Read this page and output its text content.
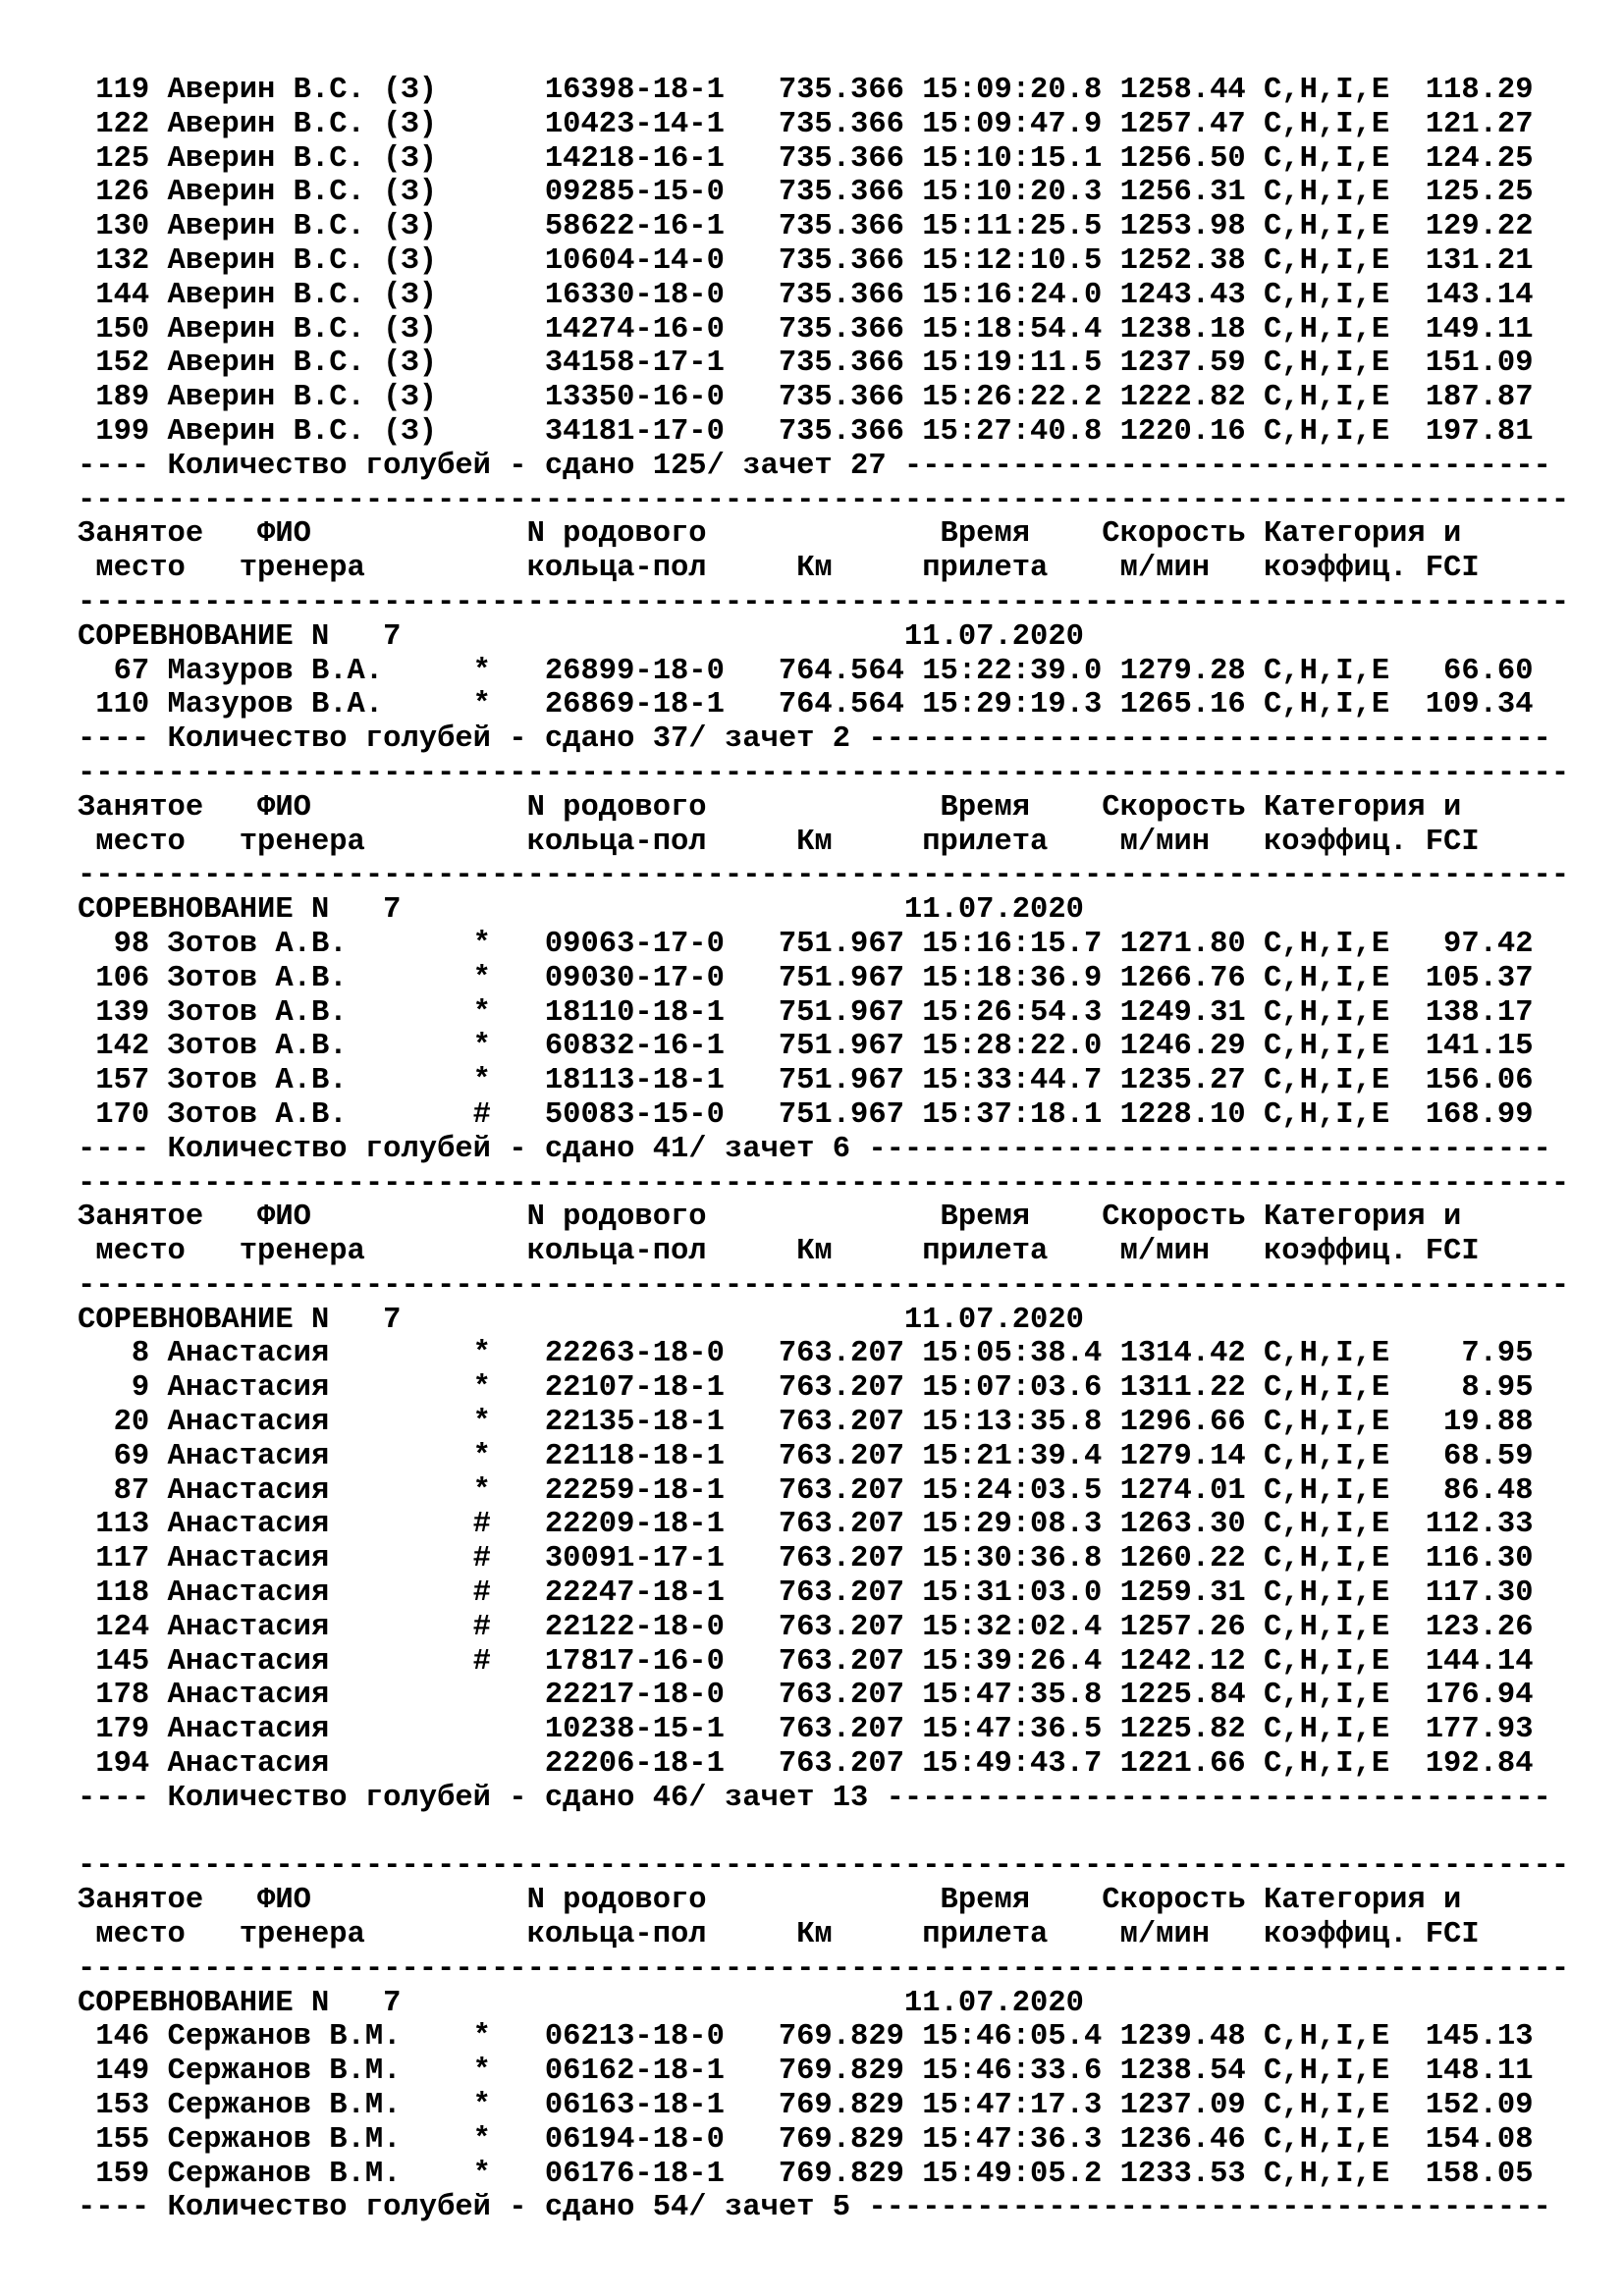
119 Аверин В.С. (З)      16398-18-1   735.366 15:09:20.8 1258.44 C,H,I,E  118.29
122 Аверин В.С. (З)      10423-14-1   735.366 15:09:47.9 1257.47 C,H,I,E  121.27
125 Аверин В.С. (З)      14218-16-1   735.366 15:10:15.1 1256.50 C,H,I,E  124.25
126 Аверин В.С. (З)      09285-15-0   735.366 15:10:20.3 1256.31 C,H,I,E  125.25
130 Аверин В.С. (З)      58622-16-1   735.366 15:11:25.5 1253.98 C,H,I,E  129.22
132 Аверин В.С. (З)      10604-14-0   735.366 15:12:10.5 1252.38 C,H,I,E  131.21
144 Аверин В.С. (З)      16330-18-0   735.366 15:16:24.0 1243.43 C,H,I,E  143.14
150 Аверин В.С. (З)      14274-16-0   735.366 15:18:54.4 1238.18 C,H,I,E  149.11
152 Аверин В.С. (З)      34158-17-1   735.366 15:19:11.5 1237.59 C,H,I,E  151.09
189 Аверин В.С. (З)      13350-16-0   735.366 15:26:22.2 1222.82 C,H,I,E  187.87
199 Аверин В.С. (З)      34181-17-0   735.366 15:27:40.8 1220.16 C,H,I,E  197.81
---- Количество голубей - сдано 125/ зачет 27 ------------------------------------
-----------------------------------------------------------------------------------
Занятое   ФИО            N родового             Время    Скорость Категория и
место   тренера         кольца-пол     Км     прилета    м/мин   коэффиц. FCI
-----------------------------------------------------------------------------------
СОРЕВНОВАНИЕ N   7                            11.07.2020
67 Мазуров В.А.     *   26899-18-0   764.564 15:22:39.0 1279.28 C,H,I,E   66.60
110 Мазуров В.А.     *   26869-18-1   764.564 15:29:19.3 1265.16 C,H,I,E  109.34
---- Количество голубей - сдано 37/ зачет 2 --------------------------------------
-----------------------------------------------------------------------------------
Занятое   ФИО            N родового             Время    Скорость Категория и
место   тренера         кольца-пол     Км     прилета    м/мин   коэффиц. FCI
-----------------------------------------------------------------------------------
СОРЕВНОВАНИЕ N   7                            11.07.2020
98 Зотов А.В.       *   09063-17-0   751.967 15:16:15.7 1271.80 C,H,I,E   97.42
106 Зотов А.В.       *   09030-17-0   751.967 15:18:36.9 1266.76 C,H,I,E  105.37
139 Зотов А.В.       *   18110-18-1   751.967 15:26:54.3 1249.31 C,H,I,E  138.17
142 Зотов А.В.       *   60832-16-1   751.967 15:28:22.0 1246.29 C,H,I,E  141.15
157 Зотов А.В.       *   18113-18-1   751.967 15:33:44.7 1235.27 C,H,I,E  156.06
170 Зотов А.В.       #   50083-15-0   751.967 15:37:18.1 1228.10 C,H,I,E  168.99
---- Количество голубей - сдано 41/ зачет 6 --------------------------------------
-----------------------------------------------------------------------------------
Занятое   ФИО            N родового             Время    Скорость Категория и
место   тренера         кольца-пол     Км     прилета    м/мин   коэффиц. FCI
-----------------------------------------------------------------------------------
СОРЕВНОВАНИЕ N   7                            11.07.2020
8 Анастасия        *   22263-18-0   763.207 15:05:38.4 1314.42 C,H,I,E    7.95
9 Анастасия        *   22107-18-1   763.207 15:07:03.6 1311.22 C,H,I,E    8.95
20 Анастасия        *   22135-18-1   763.207 15:13:35.8 1296.66 C,H,I,E   19.88
69 Анастасия        *   22118-18-1   763.207 15:21:39.4 1279.14 C,H,I,E   68.59
87 Анастасия        *   22259-18-1   763.207 15:24:03.5 1274.01 C,H,I,E   86.48
113 Анастасия        #   22209-18-1   763.207 15:29:08.3 1263.30 C,H,I,E  112.33
117 Анастасия        #   30091-17-1   763.207 15:30:36.8 1260.22 C,H,I,E  116.30
118 Анастасия        #   22247-18-1   763.207 15:31:03.0 1259.31 C,H,I,E  117.30
124 Анастасия        #   22122-18-0   763.207 15:32:02.4 1257.26 C,H,I,E  123.26
145 Анастасия        #   17817-16-0   763.207 15:39:26.4 1242.12 C,H,I,E  144.14
178 Анастасия            22217-18-0   763.207 15:47:35.8 1225.84 C,H,I,E  176.94
179 Анастасия            10238-15-1   763.207 15:47:36.5 1225.82 C,H,I,E  177.93
194 Анастасия            22206-18-1   763.207 15:49:43.7 1221.66 C,H,I,E  192.84
---- Количество голубей - сдано 46/ зачет 13 -------------------------------------
-----------------------------------------------------------------------------------
Занятое   ФИО            N родового             Время    Скорость Категория и
место   тренера         кольца-пол     Км     прилета    м/мин   коэффиц. FCI
-----------------------------------------------------------------------------------
СОРЕВНОВАНИЕ N   7                            11.07.2020
146 Сержанов В.М.    *   06213-18-0   769.829 15:46:05.4 1239.48 C,H,I,E  145.13
149 Сержанов В.М.    *   06162-18-1   769.829 15:46:33.6 1238.54 C,H,I,E  148.11
153 Сержанов В.М.    *   06163-18-1   769.829 15:47:17.3 1237.09 C,H,I,E  152.09
155 Сержанов В.М.    *   06194-18-0   769.829 15:47:36.3 1236.46 C,H,I,E  154.08
159 Сержанов В.М.    *   06176-18-1   769.829 15:49:05.2 1233.53 C,H,I,E  158.05
---- Количество голубей - сдано 54/ зачет 5 --------------------------------------
